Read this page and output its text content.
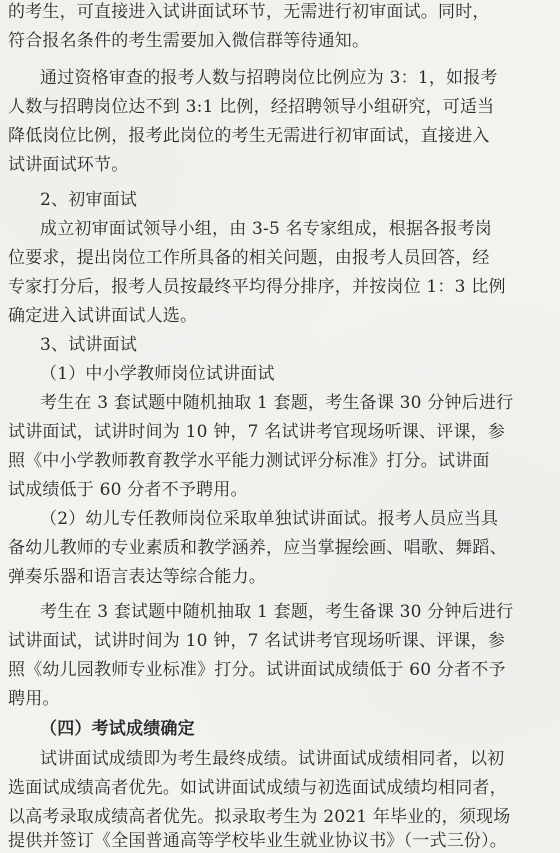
的考生，可直接进入试讲面试环节，无需进行初审面试。同时，
符合报名条件的考生需要加入微信群等待通知。
通过资格审查的报考人数与招聘岗位比例应为 3：1，如报考
人数与招聘岗位达不到 3:1 比例，经招聘领导小组研究，可适当
降低岗位比例，报考此岗位的考生无需进行初审面试，直接进入
试讲面试环节。
2、初审面试
成立初审面试领导小组，由 3-5 名专家组成，根据各报考岗
位要求，提出岗位工作所具备的相关问题，由报考人员回答，经
专家打分后，报考人员按最终平均得分排序，并按岗位 1：3 比例
确定进入试讲面试人选。
3、试讲面试
（1）中小学教师岗位试讲面试
考生在 3 套试题中随机抽取 1 套题，考生备课 30 分钟后进行
试讲面试，试讲时间为 10 钟，7 名试讲考官现场听课、评课，参
照《中小学教师教育教学水平能力测试评分标准》打分。试讲面
试成绩低于 60 分者不予聘用。
（2）幼儿专任教师岗位采取单独试讲面试。报考人员应当具
备幼儿教师的专业素质和教学涵养，应当掌握绘画、唱歌、舞蹈、
弹奏乐器和语言表达等综合能力。
考生在 3 套试题中随机抽取 1 套题，考生备课 30 分钟后进行
试讲面试，试讲时间为 10 钟，7 名试讲考官现场听课、评课，参
照《幼儿园教师专业标准》打分。试讲面试成绩低于 60 分者不予
聘用。
（四）考试成绩确定
试讲面试成绩即为考生最终成绩。试讲面试成绩相同者，以初
选面试成绩高者优先。如试讲面试成绩与初选面试成绩均相同者，
以高考录取成绩高者优先。拟录取考生为 2021 年毕业的，须现场
提供并签订《全国普通高等学校毕业生就业协议书》（一式三份）。
